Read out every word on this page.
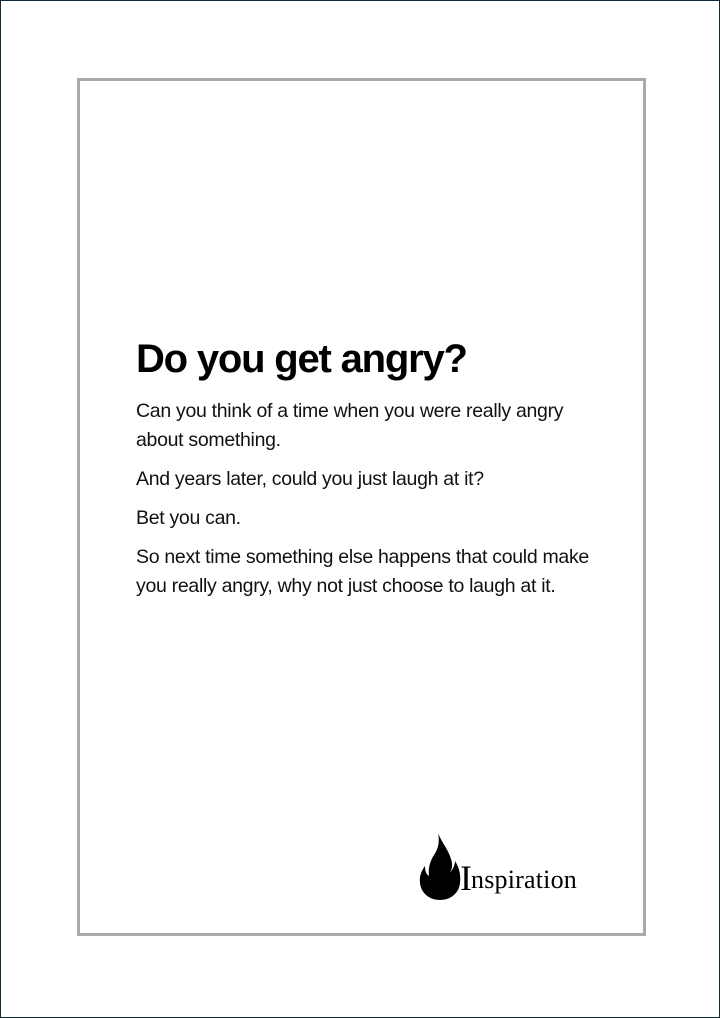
Do you get angry?

Can you think of a time when you were really angry about something.

And years later, could you just laugh at it?

Bet you can.

So next time something else happens that could make you really angry, why not just choose to laugh at it.

Inspiration
